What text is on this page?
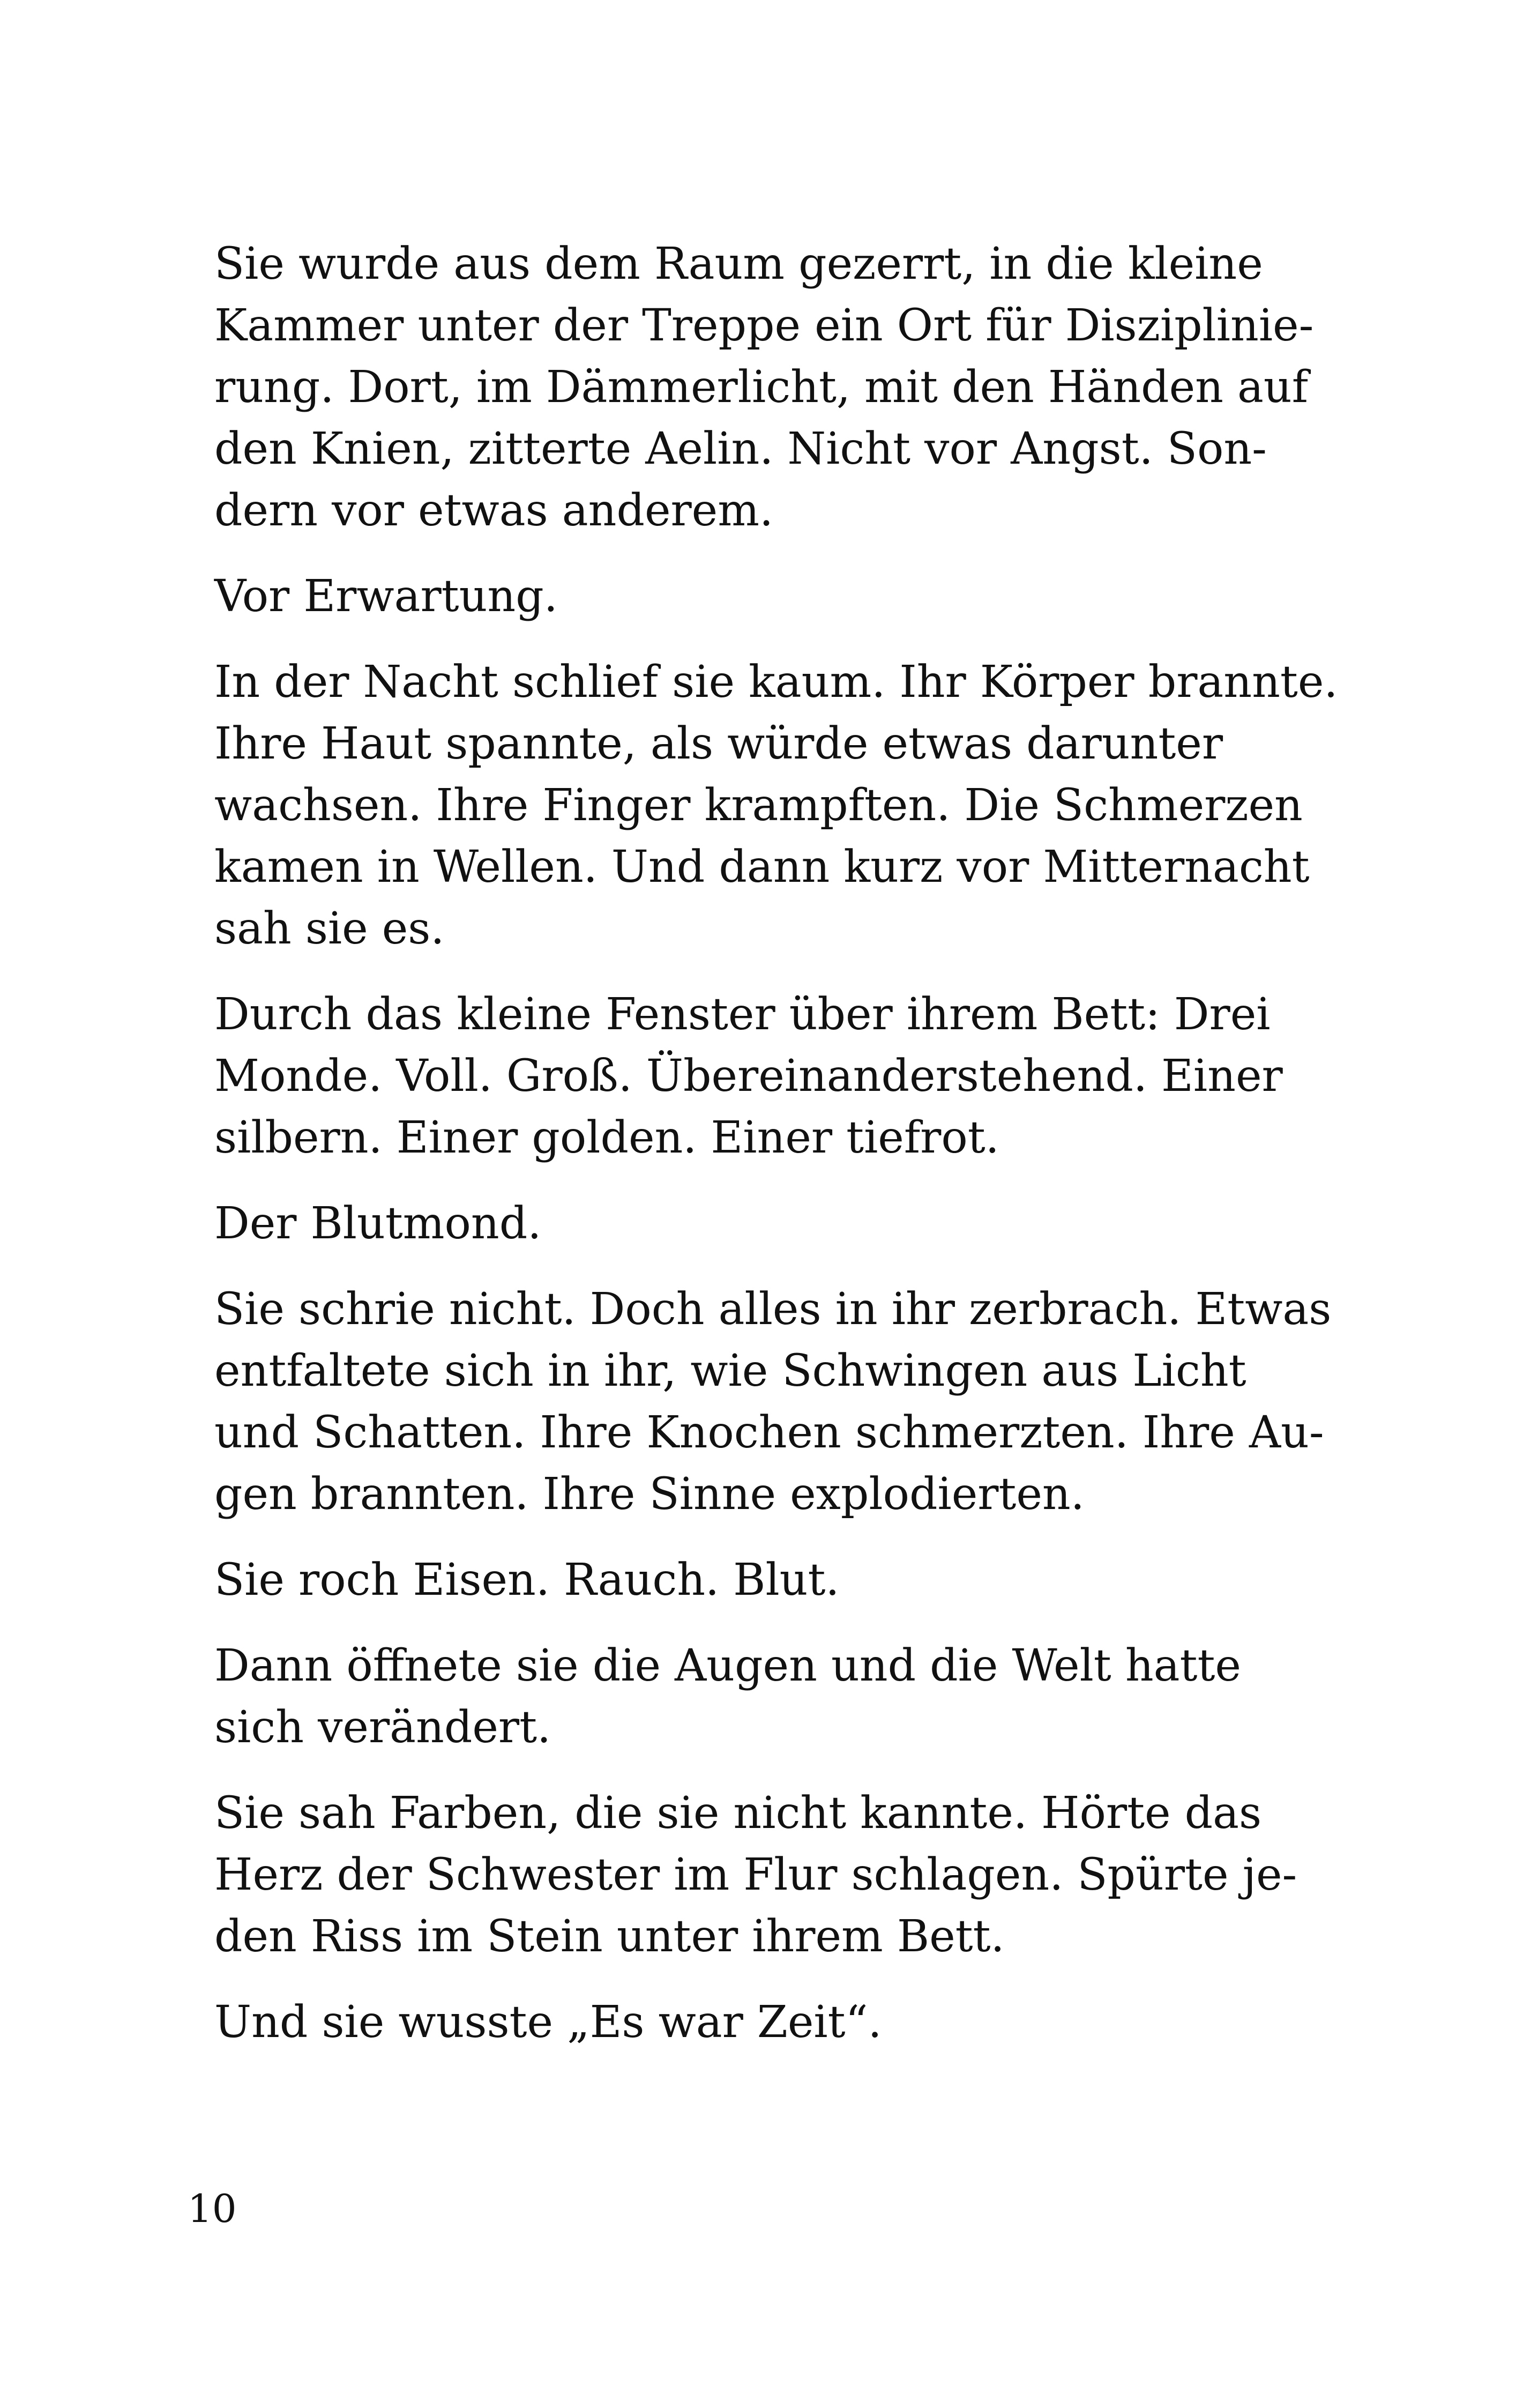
Sie wurde aus dem Raum gezerrt, in die kleine
Kammer unter der Treppe ein Ort für Disziplinie-
rung. Dort, im Dämmerlicht, mit den Händen auf
den Knien, zitterte Aelin. Nicht vor Angst. Son-
dern vor etwas anderem.

Vor Erwartung.

In der Nacht schlief sie kaum. Ihr Körper brannte.
Ihre Haut spannte, als würde etwas darunter
wachsen. Ihre Finger krampften. Die Schmerzen
kamen in Wellen. Und dann kurz vor Mitternacht
sah sie es.

Durch das kleine Fenster über ihrem Bett: Drei
Monde. Voll. Groß. Übereinanderstehend. Einer
silbern. Einer golden. Einer tiefrot.

Der Blutmond.

Sie schrie nicht. Doch alles in ihr zerbrach. Etwas
entfaltete sich in ihr, wie Schwingen aus Licht
und Schatten. Ihre Knochen schmerzten. Ihre Au-
gen brannten. Ihre Sinne explodierten.

Sie roch Eisen. Rauch. Blut.

Dann öffnete sie die Augen und die Welt hatte
sich verändert.

Sie sah Farben, die sie nicht kannte. Hörte das
Herz der Schwester im Flur schlagen. Spürte je-
den Riss im Stein unter ihrem Bett.

Und sie wusste „Es war Zeit“.

10
